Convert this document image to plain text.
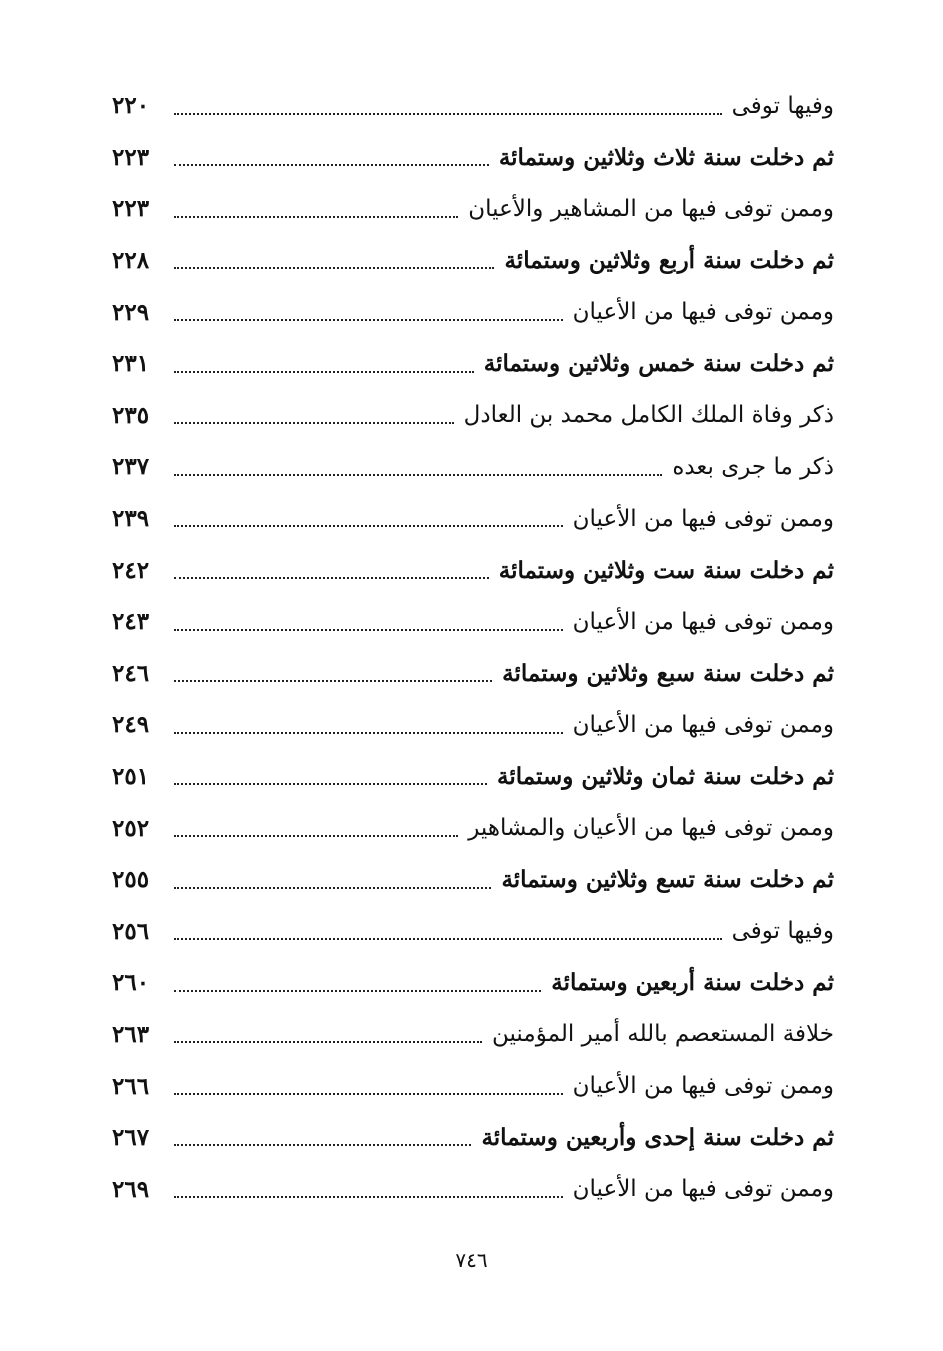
٢٢٠	وفيها توفى
٢٢٣	ثم دخلت سنة ثلاث وثلاثين وستمائة
٢٢٣	وممن توفى فيها من المشاهير والأعيان
٢٢٨	ثم دخلت سنة أربع وثلاثين وستمائة
٢٢٩	وممن توفى فيها من الأعيان
٢٣١	ثم دخلت سنة خمس وثلاثين وستمائة
٢٣٥	ذكر وفاة الملك الكامل محمد بن العادل
٢٣٧	ذكر ما جرى بعده
٢٣٩	وممن توفى فيها من الأعيان
٢٤٢	ثم دخلت سنة ست وثلاثين وستمائة
٢٤٣	وممن توفى فيها من الأعيان
٢٤٦	ثم دخلت سنة سبع وثلاثين وستمائة
٢٤٩	وممن توفى فيها من الأعيان
٢٥١	ثم دخلت سنة ثمان وثلاثين وستمائة
٢٥٢	وممن توفى فيها من الأعيان والمشاهير
٢٥٥	ثم دخلت سنة تسع وثلاثين وستمائة
٢٥٦	وفيها توفى
٢٦٠	ثم دخلت سنة أربعين وستمائة
٢٦٣	خلافة المستعصم بالله أمير المؤمنين
٢٦٦	وممن توفى فيها من الأعيان
٢٦٧	ثم دخلت سنة إحدى وأربعين وستمائة
٢٦٩	وممن توفى فيها من الأعيان
٧٤٦
